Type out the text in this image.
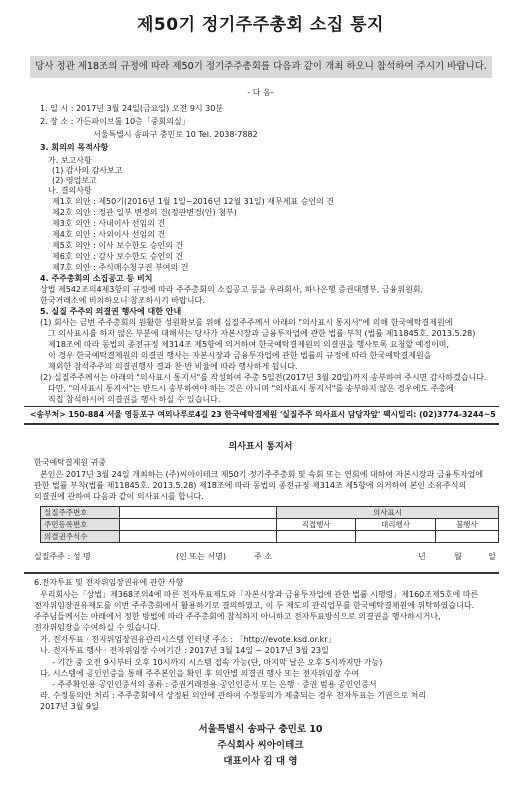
제50기 정기주주총회 소집 통지
당사 정관 제18조의 규정에 따라 제50기 정기주주총회를 다음과 같이 개최 하오니 참석하여 주시기 바랍니다.
- 다 음-
1. 일 시 : 2017년 3월 24일(금요일) 오전 9시 30분
2. 장 소 : 가든파이브툴 10층「중회의실」
서울특별시 송파구 충민로 10 Tel. 2038-7882
3. 회의의 목적사항
가. 보고사항
(1) 감사의 감사보고
(2) 영업보고
나. 결의사항
제1호 의안 : 제50기(2016년 1월 1일~2016년 12월 31일) 재무제표 승인의 건
제2호 의안 : 정관 일부 변경의 건(정관변경(안) 첨부)
제3호 의안 : 사내이사 선임의 건
제4호 의안 : 사외이사 선임의 건
제5호 의안 : 이사 보수한도 승인의 건
제6호 의안 : 감사 보수한도 승인의 건
제7호 의안 : 주식매수청구권 부여의 건
4. 주주총회의 소집공고 등 비치
상법 제542조의4제3항의 규정에 따라 주주총회의 소집공고 등을 우리회사, 하나은행 증권대행부, 금융위원회,
한국거래소에 비치하오니 참조하시기 바랍니다.
5. 실질 주주의 의결권 행사에 대한 안내
(1) 회사는 금번 주주총회의 원활한 성원확보를 위해 실질주주께서 아래의 "의사표시 통지서"에 의해 한국예탁결제원에
그 의사표시를 하지 않은 부분에 대해서는 당사가 자본시장과 금융투자업에 관한 법률 부칙 (법률 제11845호. 2013.5.28)
제18조에 따라 동법의 종전규정 제314조 제5항에 의거하여 한국예탁결제원의 의결권을 행사토록 요청할 예정이며,
이 경우 한국예탁결제원의 의결권 행사는 자본시장과 금융투자업에 관한 법률의 규정에 따라 한국예탁결제원을
제외한 참석주주의 의결권행사 결과 찬·반 비율에 따라 행사하게 됩니다.
(2) 실질주주께서는 아래의 "의사표시 통지서"를 작성하여 주총 5일전(2017년 3월 20일)까지 송부하여 주시면 감사하겠습니다.
다만, "의사표시 통지서"는 반드시 송부하여야 하는 것은 아니며 "의사표시 통지서"를 송부하지 않은 경우에도 주총에
직접 참석하시어 의결권을 행사 하실 수 있습니다.
<송부처> 150-884 서울 영등포구 여의나루로4길 23 한국예탁결제원 '실질주주 의사표시 담당자앞' 팩시밀리: (02)3774-3244~5
의사표시 통지서
한국예탁결제원 귀중
본인은 2017년 3월 24일 개최하는 (주)씨아이테크 제50기 정기주주총회 및 속회 또는 연회에 대하여 자본시장과 금융투자업에
관한 법률 부칙(법률 제11845호. 2013.5.28) 제18조에 따라 동법의 종전규정 제314조 제5항에 의거하여 본인 소유주식의
의결권에 관하여 다음과 같이 의사표시를 합니다.
실질주주번호		의사표시		
주민등록번호		직접행사	대리행사	불행사
의결권주식수				
실질주주 : 성 명	(인 또는 서명)	주 소	년	월	일
6.전자투표 및 전자위임장권유에 관한 사항
우리회사는「상법」제368조의4에 따른 전자투표제도와「자본시장과 금융투자업에 관한 법률 시행령」제160조제5호에 따른
전자위임장권유제도를 이번 주주총회에서 활용하기로 결의하였고, 이 두 제도의 관리업무를 한국예탁결제원에 위탁하였습니다.
주주님들께서는 아래에서 정한 방법에 따라 주주총회에 참석하지 아니하고 전자투표방식으로 의결권을 행사하시거나,
전자위임장을 수여하실 수 있습니다.
가. 전자투표 · 전자위임장권유관리시스템 인터넷 주소 : 「http://evote.ksd.or.kr」
나. 전자투표 행사 · 전자위임장 수여기간 : 2017년 3월 14일 ~ 2017년 3월 23일
- 기간 중 오전 9시부터 오후 10시까지 시스템 접속 가능(단, 마지막 날은 오후 5시까지만 가능)
다. 시스템에 공인인증을 통해 주주본인을 확인 후 의안별 의결권 행사 또는 전자위임장 수여
- 주주확인용 공인인증서의 종류 : 증권거래전용 공인인증서 또는 은행 · 증권 범용 공인인증서
라. 수정동의안 처리 : 주주총회에서 상정된 의안에 관하여 수정동의가 제출되는 경우 전자투표는 기권으로 처리
2017년 3월 9일
서울특별시 송파구 충민로 10
주식회사 씨아이테크
대표이사 김 대 영
